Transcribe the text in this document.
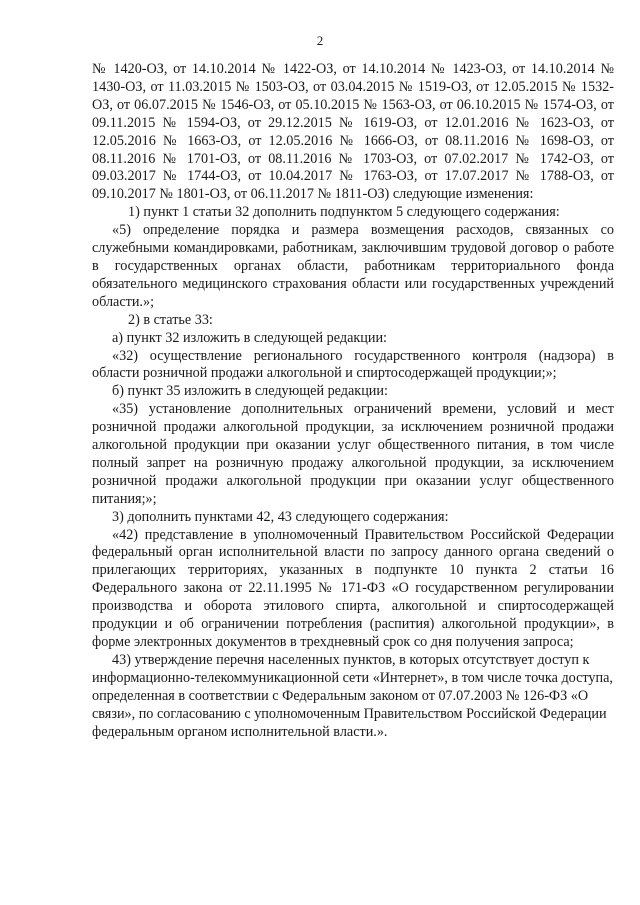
2

№ 1420-ОЗ, от 14.10.2014 № 1422-ОЗ, от 14.10.2014 № 1423-ОЗ, от 14.10.2014 № 1430-ОЗ, от 11.03.2015 № 1503-ОЗ, от 03.04.2015 № 1519-ОЗ, от 12.05.2015 № 1532-ОЗ, от 06.07.2015 № 1546-ОЗ, от 05.10.2015 № 1563-ОЗ, от 06.10.2015 № 1574-ОЗ, от 09.11.2015 № 1594-ОЗ, от 29.12.2015 № 1619-ОЗ, от 12.01.2016 № 1623-ОЗ, от 12.05.2016 № 1663-ОЗ, от 12.05.2016 № 1666-ОЗ, от 08.11.2016 № 1698-ОЗ, от 08.11.2016 № 1701-ОЗ, от 08.11.2016 № 1703-ОЗ, от 07.02.2017 № 1742-ОЗ, от 09.03.2017 № 1744-ОЗ, от 10.04.2017 № 1763-ОЗ, от 17.07.2017 № 1788-ОЗ, от 09.10.2017 № 1801-ОЗ, от 06.11.2017 № 1811-ОЗ) следующие изменения:

1) пункт 1 статьи 32 дополнить подпунктом 5 следующего содержания:

«5) определение порядка и размера возмещения расходов, связанных со служебными командировками, работникам, заключившим трудовой договор о работе в государственных органах области, работникам территориального фонда обязательного медицинского страхования области или государственных учреждений области.»;

2) в статье 33:

а) пункт 32 изложить в следующей редакции:

«32) осуществление регионального государственного контроля (надзора) в области розничной продажи алкогольной и спиртосодержащей продукции;»;

б) пункт 35 изложить в следующей редакции:

«35) установление дополнительных ограничений времени, условий и мест розничной продажи алкогольной продукции, за исключением розничной продажи алкогольной продукции при оказании услуг общественного питания, в том числе полный запрет на розничную продажу алкогольной продукции, за исключением розничной продажи алкогольной продукции при оказании услуг общественного питания;»;

3) дополнить пунктами 42, 43 следующего содержания:

«42) представление в уполномоченный Правительством Российской Федерации федеральный орган исполнительной власти по запросу данного органа сведений о прилегающих территориях, указанных в подпункте 10 пункта 2 статьи 16 Федерального закона от 22.11.1995 № 171-ФЗ «О государственном регулировании производства и оборота этилового спирта, алкогольной и спиртосодержащей продукции и об ограничении потребления (распития) алкогольной продукции», в форме электронных документов в трехдневный срок со дня получения запроса;

43) утверждение перечня населенных пунктов, в которых отсутствует доступ к информационно-телекоммуникационной сети «Интернет», в том числе точка доступа, определенная в соответствии с Федеральным законом от 07.07.2003 № 126-ФЗ «О связи», по согласованию с уполномоченным Правительством Российской Федерации федеральным органом исполнительной власти.».
